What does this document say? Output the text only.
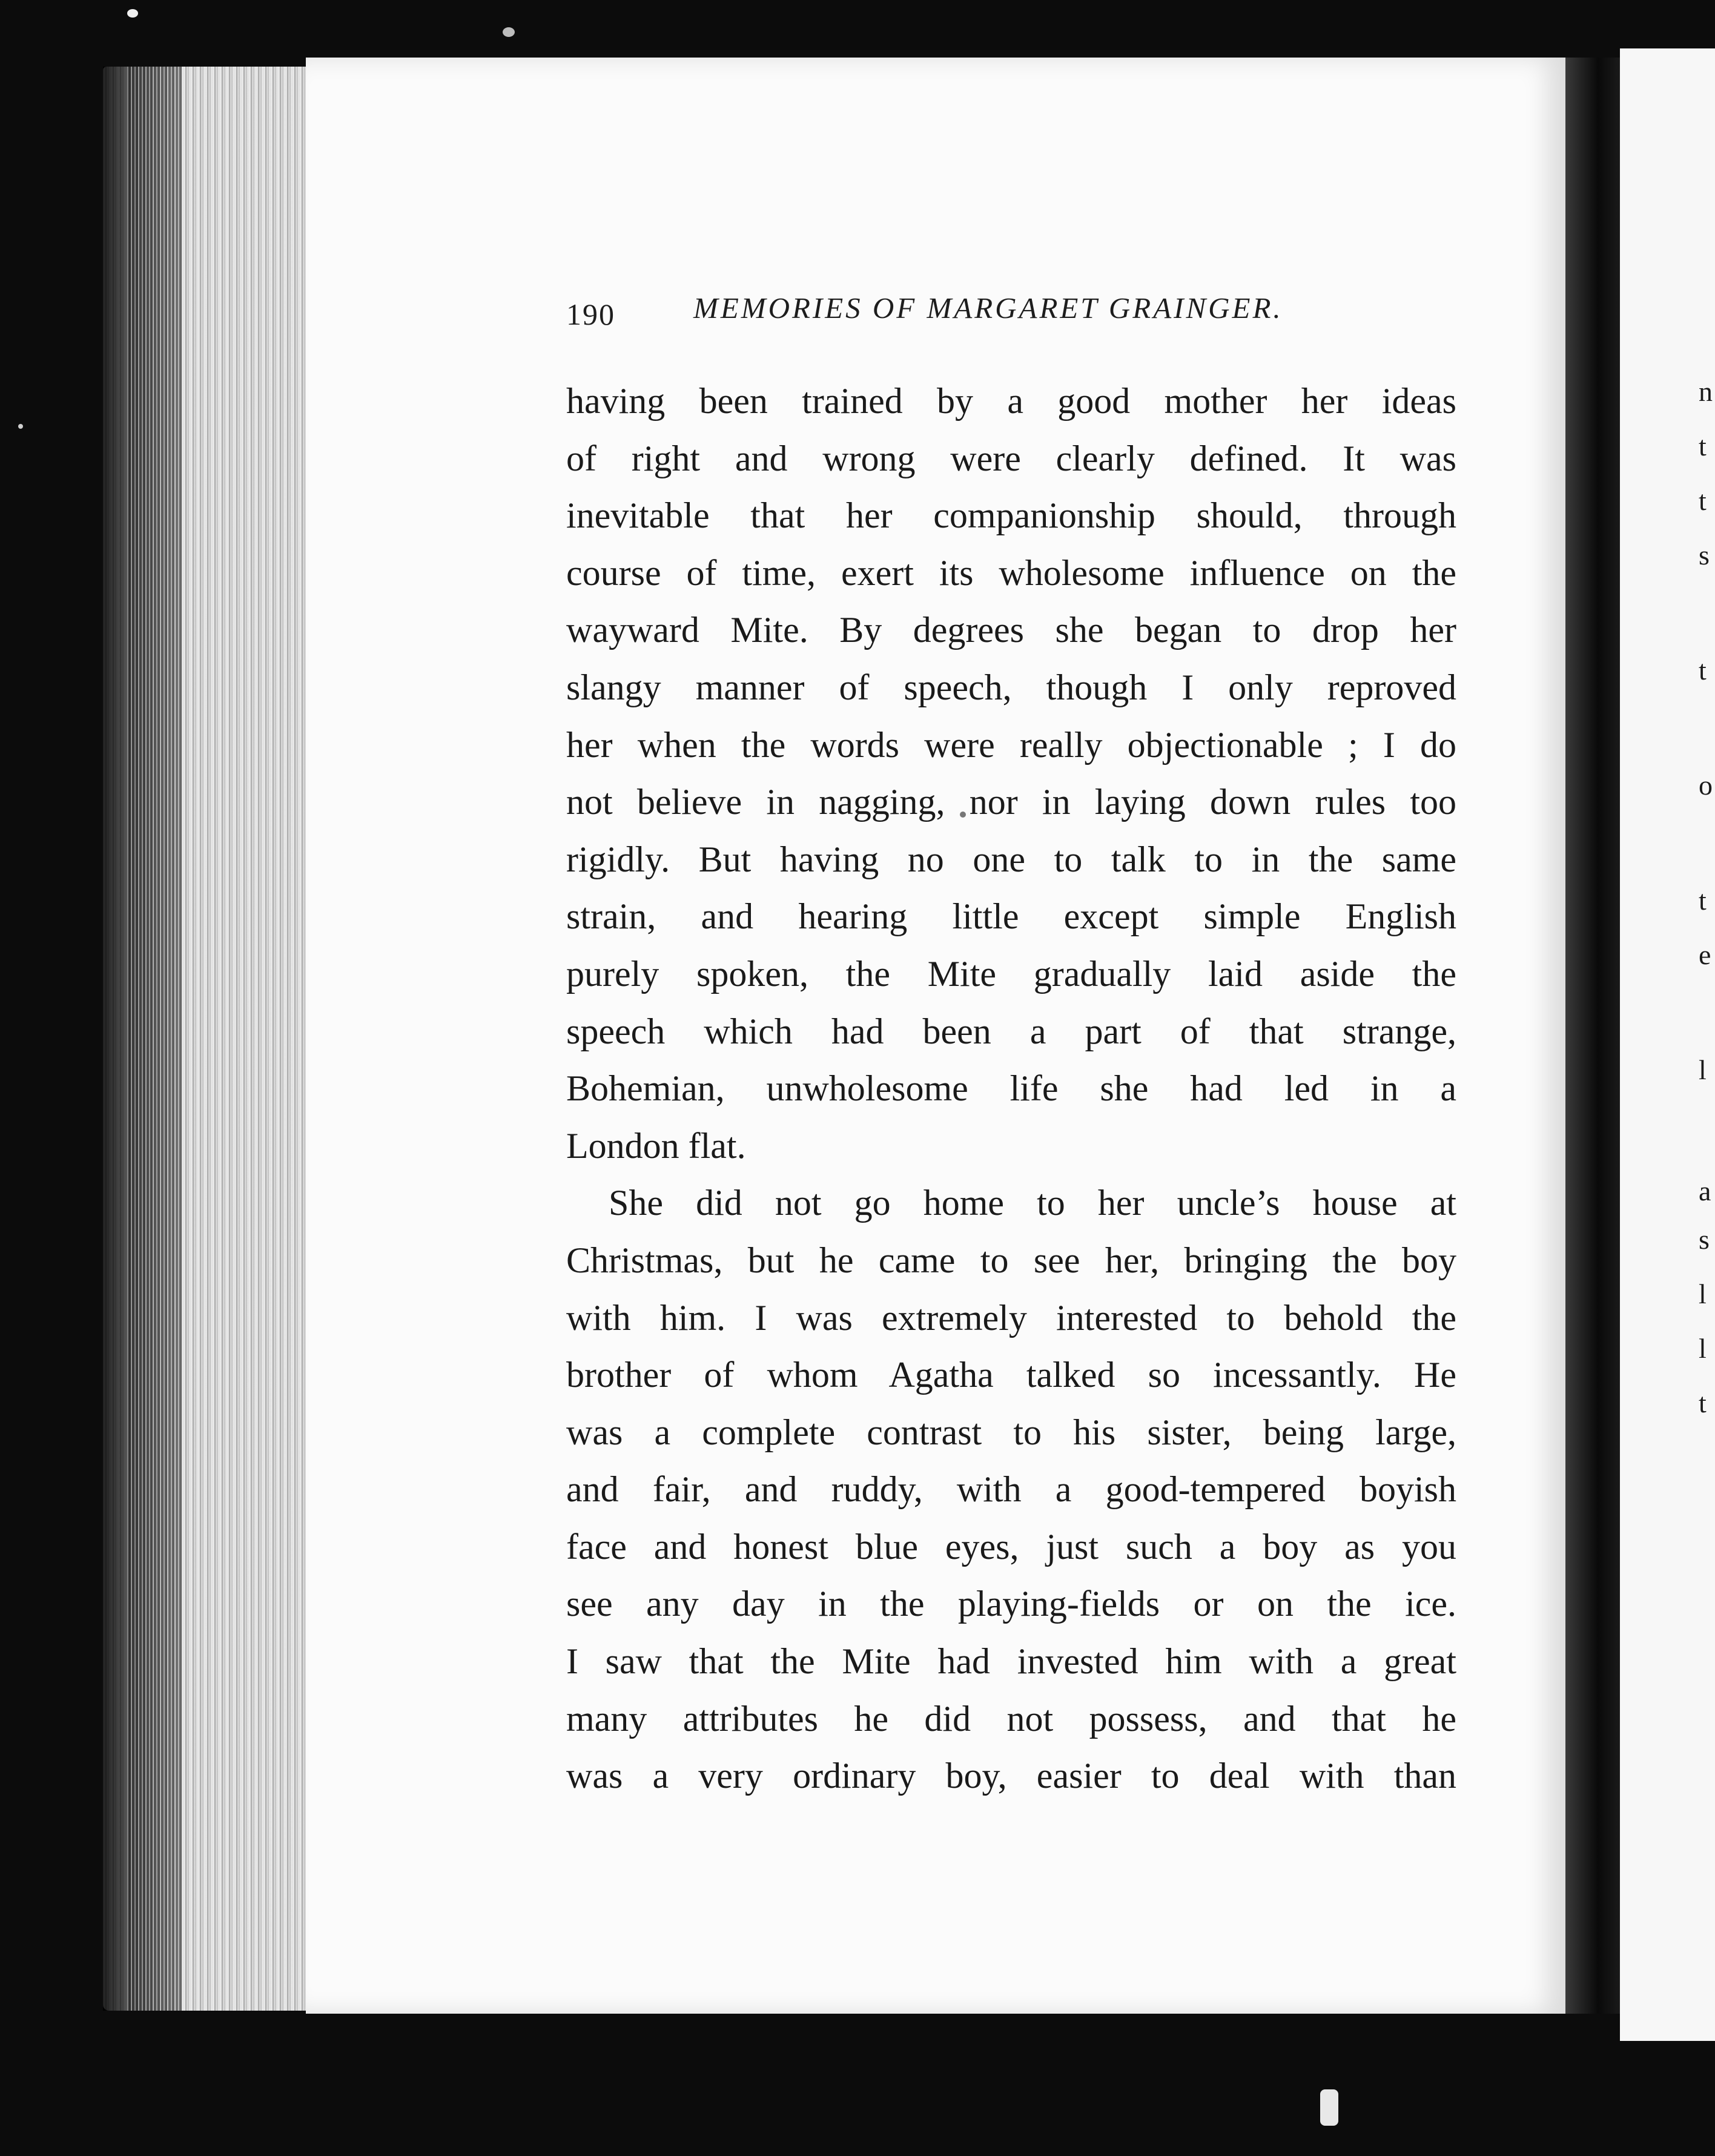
n
t
t
s
t
o
t
e
l
a
s
l
l
t
190	MEMORIES OF MARGARET GRAINGER.
having been trained by a good mother her ideas
of right and wrong were clearly defined. It was
inevitable that her companionship should, through
course of time, exert its wholesome influence on the
wayward Mite. By degrees she began to drop her
slangy manner of speech, though I only reproved
her when the words were really objectionable ; I do
not believe in nagging, nor in laying down rules too
rigidly. But having no one to talk to in the same
strain, and hearing little except simple English
purely spoken, the Mite gradually laid aside the
speech which had been a part of that strange,
Bohemian, unwholesome life she had led in a
London flat.
She did not go home to her uncle’s house at
Christmas, but he came to see her, bringing the boy
with him. I was extremely interested to behold the
brother of whom Agatha talked so incessantly. He
was a complete contrast to his sister, being large,
and fair, and ruddy, with a good-tempered boyish
face and honest blue eyes, just such a boy as you
see any day in the playing-fields or on the ice.
I saw that the Mite had invested him with a great
many attributes he did not possess, and that he
was a very ordinary boy, easier to deal with than
